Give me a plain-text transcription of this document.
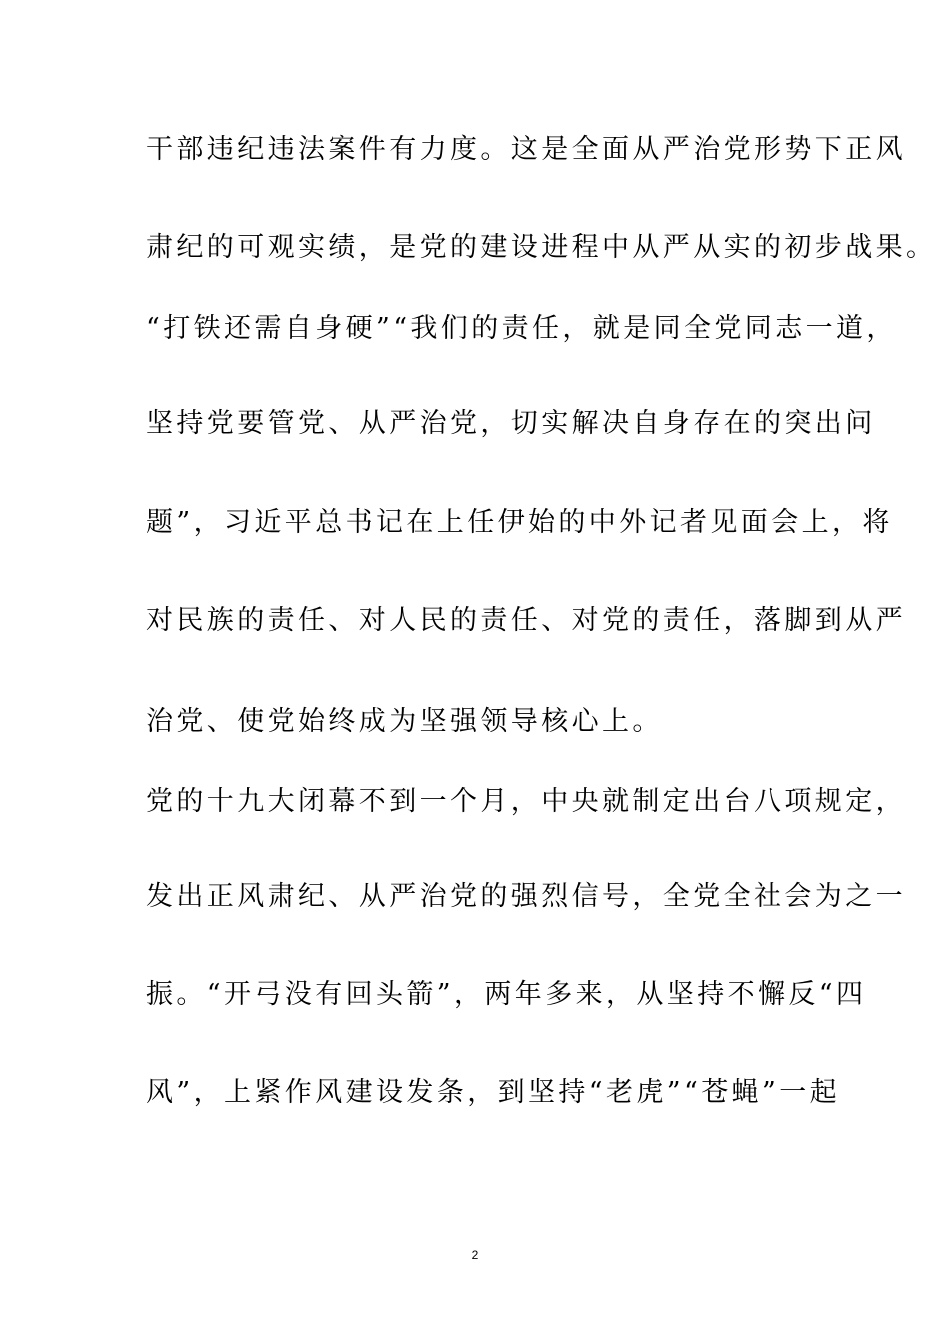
干部违纪违法案件有力度。这是全面从严治党形势下正风
肃纪的可观实绩，是党的建设进程中从严从实的初步战果。
“打铁还需自身硬”“我们的责任，就是同全党同志一道，
坚持党要管党、从严治党，切实解决自身存在的突出问
题”，习近平总书记在上任伊始的中外记者见面会上，将
对民族的责任、对人民的责任、对党的责任，落脚到从严
治党、使党始终成为坚强领导核心上。
党的十九大闭幕不到一个月，中央就制定出台八项规定，
发出正风肃纪、从严治党的强烈信号，全党全社会为之一
振。“开弓没有回头箭”，两年多来，从坚持不懈反“四
风”，上紧作风建设发条，到坚持“老虎”“苍蝇”一起
2
